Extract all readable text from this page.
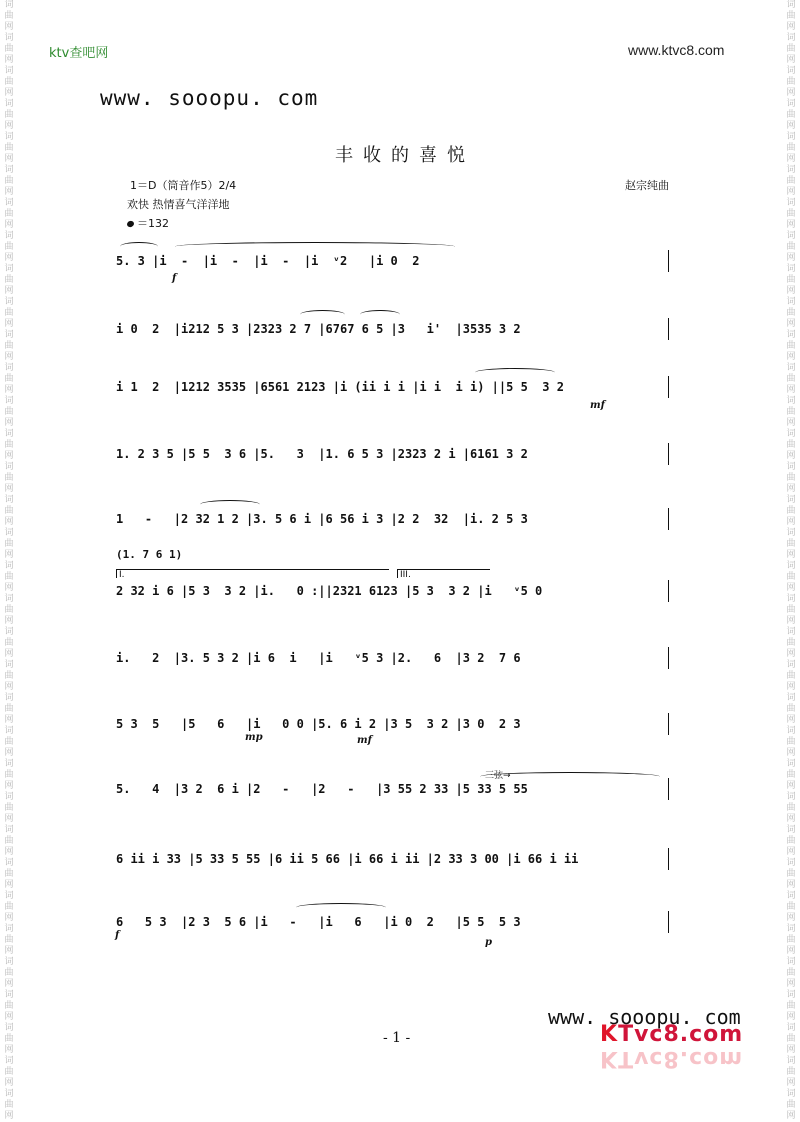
词
曲
网
词
曲
网
词
曲
网
词
曲
网
词
曲
网
词
曲
网
词
曲
网
词
曲
网
词
曲
网
词
曲
网
词
曲
网
词
曲
网
词
曲
网
词
曲
网
词
曲
网
词
曲
网
词
曲
网
词
曲
网
词
曲
网
词
曲
网
词
曲
网
词
曲
网
词
曲
网
词
曲
网
词
曲
网
词
曲
网
词
曲
网
词
曲
网
词
曲
网
词
曲
网
词
曲
网
词
曲
网
词
曲
网
词
曲
网
词
曲
网
词
曲
网
词
曲
网
词
曲
网
词
曲
网
词
曲
网
词
曲
网
词
曲
网
词
曲
网
词
曲
网
词
曲
网
词
曲
网
词
曲
网
词
曲
网
词
曲
网
词
曲
网
词
曲
网
词
曲
网
词
曲
网
词
曲
网
词
曲
网
词
曲
网
词
曲
网
词
曲
网
词
曲
网
词
曲
网
词
曲
网
词
曲
网
词
曲
网
词
曲
网
词
曲
网
词
曲
网
词
曲
网
词
曲
网
ktv查吧网	www.ktvc8.com
www. sooopu. com
丰收的喜悦
赵宗纯曲
1＝D（筒音作5）2/4
欢快 热情喜气洋洋地
＝132
5. 3 |i  -  |i  -  |i  -  |i  ᵛ2   |i 0  2
i 0  2  |i212 5 3 |2323 2 7 |6767 6 5 |3   i'  |3535 3 2
i 1  2  |1212 3535 |6561 2123 |i (ii i i |i i  i i) ||5 5  3 2
1. 2 3 5 |5 5  3 6 |5.   3  |1. 6 5 3 |2323 2 i |6161 3 2
1   -   |2 32 1 2 |3. 5 6 i |6 56 i 3 |2 2  32  |i. 2 5 3
2 32 i 6 |5 3  3 2 |i.   0 :||2321 6123 |5 3  3 2 |i   ᵛ5 0
i.   2  |3. 5 3 2 |i 6  i   |i   ᵛ5 3 |2.   6  |3 2  7 6
5 3  5   |5   6   |i   0 0 |5. 6 i 2 |3 5  3 2 |3 0  2 3
5.   4  |3 2  6 i |2   -   |2   -   |3 55 2 33 |5 33 5 55
6 ii i 33 |5 33 5 55 |6 ii 5 66 |i 66 i ii |2 33 3 00 |i 66 i ii
6   5 3  |2 3  5 6 |i   -   |i   6   |i 0  2   |5 5  5 3
(1. 7 6 1)
I.	III.
三弦→
f
mf
mp	mf
f
p
www. sooopu. com
KTvc8.com
KTvc8.com
- 1 -
